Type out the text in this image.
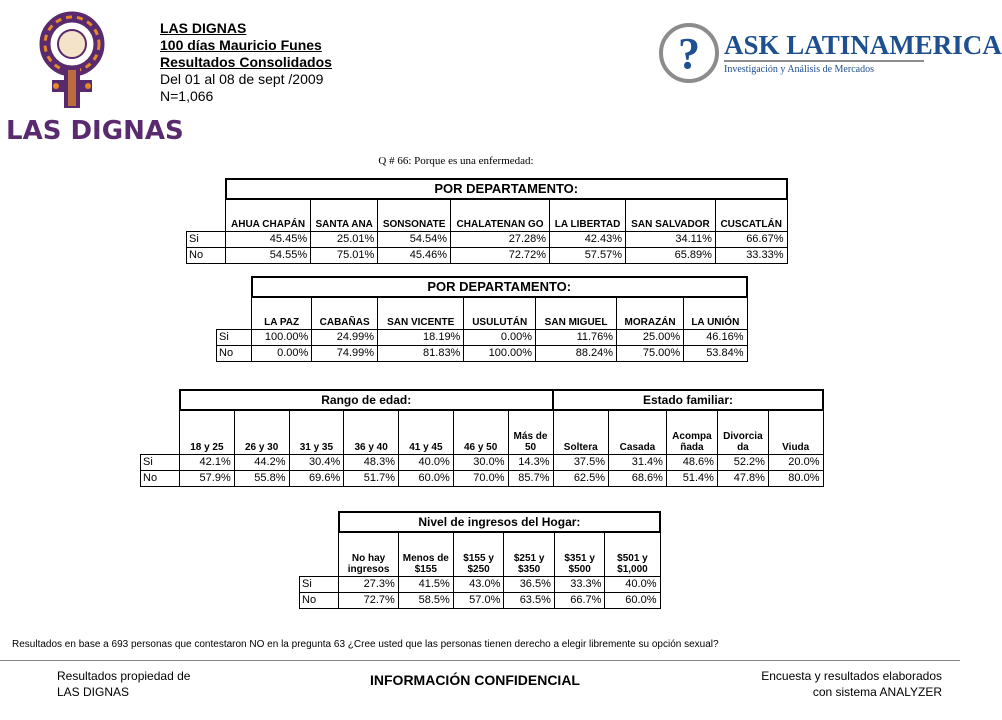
LAS DIGNAS
LAS DIGNAS
100 días Mauricio Funes
Resultados Consolidados
Del 01 al 08 de sept /2009
N=1,066
? ASK LATINAMERICA
Investigación y Análisis de Mercados
Q # 66: Porque es una enfermedad:
	POR DEPARTAMENTO:						
	AHUA CHAPÁN	SANTA ANA	SONSONATE	CHALATENAN GO	LA LIBERTAD	SAN SALVADOR	CUSCATLÁN
Si	45.45%	25.01%	54.54%	27.28%	42.43%	34.11%	66.67%
No	54.55%	75.01%	45.46%	72.72%	57.57%	65.89%	33.33%
	POR DEPARTAMENTO:						
	LA PAZ	CABAÑAS	SAN VICENTE	USULUTÁN	SAN MIGUEL	MORAZÁN	LA UNIÓN
Si	100.00%	24.99%	18.19%	0.00%	11.76%	25.00%	46.16%
No	0.00%	74.99%	81.83%	100.00%	88.24%	75.00%	53.84%
	Rango de edad:							Estado familiar:				
	18 y 25	26 y 30	31 y 35	36 y 40	41 y 45	46 y 50	Más de 50	Soltera	Casada	Acompa ñada	Divorcia da	Viuda
Si	42.1%	44.2%	30.4%	48.3%	40.0%	30.0%	14.3%	37.5%	31.4%	48.6%	52.2%	20.0%
No	57.9%	55.8%	69.6%	51.7%	60.0%	70.0%	85.7%	62.5%	68.6%	51.4%	47.8%	80.0%
	Nivel de ingresos del Hogar:					
	No hay ingresos	Menos de $155	$155 y $250	$251 y $350	$351 y $500	$501 y $1,000
Si	27.3%	41.5%	43.0%	36.5%	33.3%	40.0%
No	72.7%	58.5%	57.0%	63.5%	66.7%	60.0%
Resultados en base a 693 personas que contestaron NO en la pregunta 63 ¿Cree usted que las personas tienen derecho a elegir libremente su opción sexual?
Resultados propiedad de
LAS DIGNAS
INFORMACIÓN CONFIDENCIAL	Encuesta y resultados elaborados
con sistema ANALYZER
